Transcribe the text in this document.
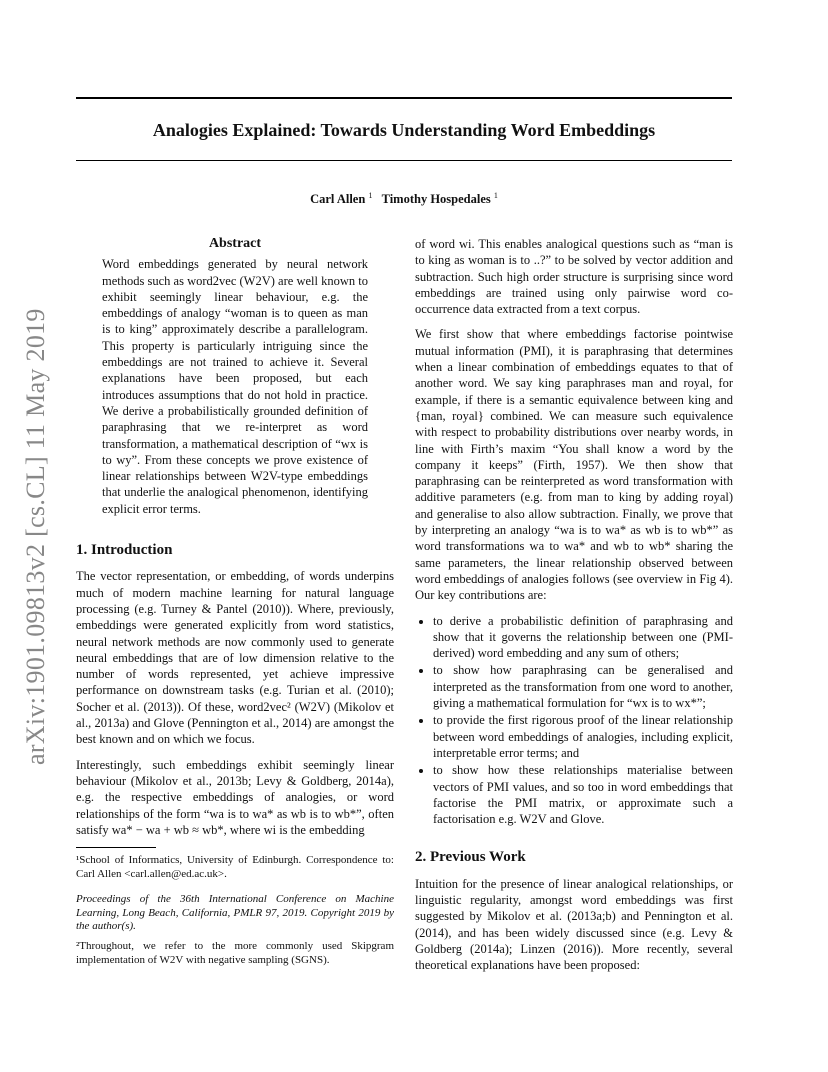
arXiv:1901.09813v2 [cs.CL] 11 May 2019
Analogies Explained: Towards Understanding Word Embeddings
Carl Allen $^1$ Timothy Hospedales $^1$
Abstract

Word embeddings generated by neural network methods such as word2vec (W2V) are well known to exhibit seemingly linear behaviour, e.g. the embeddings of analogy “woman is to queen as man is to king” approximately describe a parallelogram. This property is particularly intriguing since the embeddings are not trained to achieve it. Several explanations have been proposed, but each introduces assumptions that do not hold in practice. We derive a probabilistically grounded definition of paraphrasing that we re-interpret as word transformation, a mathematical description of “wx is to wy”. From these concepts we prove existence of linear relationships between W2V-type embeddings that underlie the analogical phenomenon, identifying explicit error terms.

1. Introduction

The vector representation, or embedding, of words underpins much of modern machine learning for natural language processing (e.g. Turney & Pantel (2010)). Where, previously, embeddings were generated explicitly from word statistics, neural network methods are now commonly used to generate neural embeddings that are of low dimension relative to the number of words represented, yet achieve impressive performance on downstream tasks (e.g. Turian et al. (2010); Socher et al. (2013)). Of these, word2vec² (W2V) (Mikolov et al., 2013a) and Glove (Pennington et al., 2014) are amongst the best known and on which we focus.

Interestingly, such embeddings exhibit seemingly linear behaviour (Mikolov et al., 2013b; Levy & Goldberg, 2014a), e.g. the respective embeddings of analogies, or word relationships of the form “wa is to wa* as wb is to wb*”, often satisfy wa* − wa + wb ≈ wb*, where wi is the embedding

¹School of Informatics, University of Edinburgh. Correspondence to: Carl Allen <carl.allen@ed.ac.uk>.

Proceedings of the 36th International Conference on Machine Learning, Long Beach, California, PMLR 97, 2019. Copyright 2019 by the author(s).

²Throughout, we refer to the more commonly used Skipgram implementation of W2V with negative sampling (SGNS).

of word wi. This enables analogical questions such as “man is to king as woman is to ..?” to be solved by vector addition and subtraction. Such high order structure is surprising since word embeddings are trained using only pairwise word co-occurrence data extracted from a text corpus.

We first show that where embeddings factorise pointwise mutual information (PMI), it is paraphrasing that determines when a linear combination of embeddings equates to that of another word. We say king paraphrases man and royal, for example, if there is a semantic equivalence between king and {man, royal} combined. We can measure such equivalence with respect to probability distributions over nearby words, in line with Firth’s maxim “You shall know a word by the company it keeps” (Firth, 1957). We then show that paraphrasing can be reinterpreted as word transformation with additive parameters (e.g. from man to king by adding royal) and generalise to also allow subtraction. Finally, we prove that by interpreting an analogy “wa is to wa* as wb is to wb*” as word transformations wa to wa* and wb to wb* sharing the same parameters, the linear relationship observed between word embeddings of analogies follows (see overview in Fig 4). Our key contributions are:

• to derive a probabilistic definition of paraphrasing and show that it governs the relationship between one (PMI-derived) word embedding and any sum of others;
• to show how paraphrasing can be generalised and interpreted as the transformation from one word to another, giving a mathematical formulation for “wx is to wx*”;
• to provide the first rigorous proof of the linear relationship between word embeddings of analogies, including explicit, interpretable error terms; and
• to show how these relationships materialise between vectors of PMI values, and so too in word embeddings that factorise the PMI matrix, or approximate such a factorisation e.g. W2V and Glove.
2. Previous Work

Intuition for the presence of linear analogical relationships, or linguistic regularity, amongst word embeddings was first suggested by Mikolov et al. (2013a;b) and Pennington et al. (2014), and has been widely discussed since (e.g. Levy & Goldberg (2014a); Linzen (2016)). More recently, several theoretical explanations have been proposed:
